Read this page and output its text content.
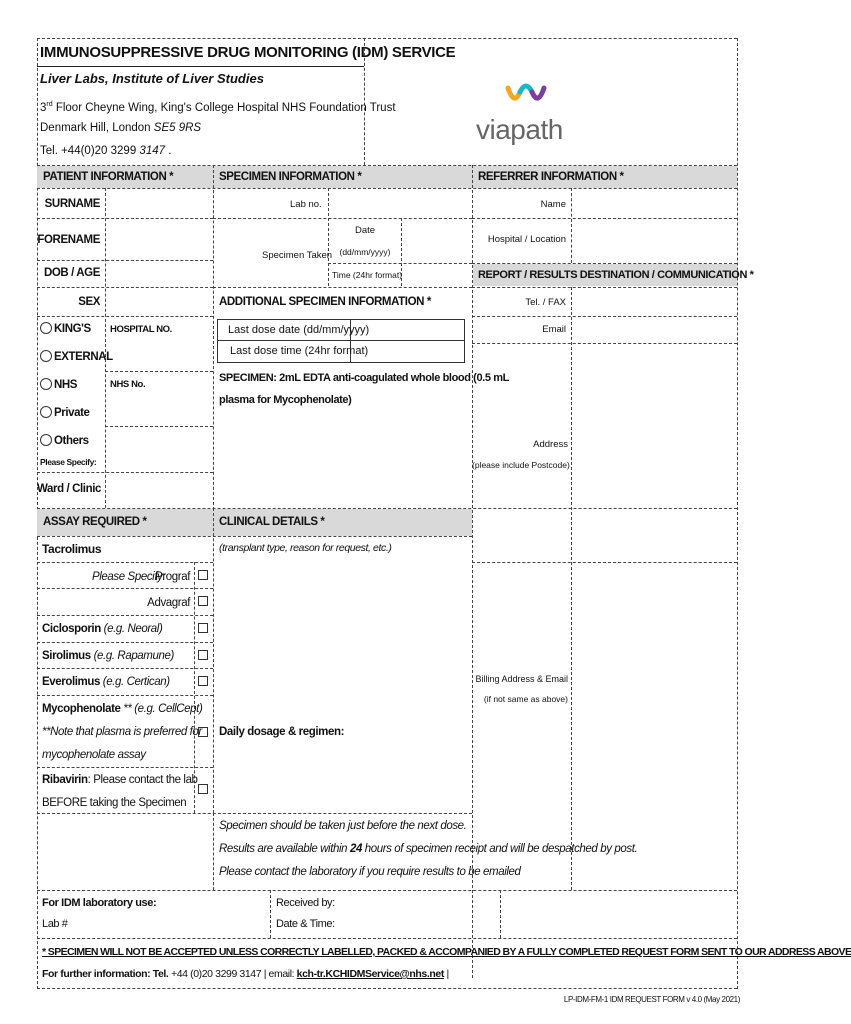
IMMUNOSUPPRESSIVE DRUG MONITORING (IDM) SERVICE
Liver Labs, Institute of Liver Studies
3rd Floor Cheyne Wing, King's College Hospital NHS Foundation Trust
Denmark Hill, London SE5 9RS
Tel. +44(0)20 3299 3147 .
viapath
PATIENT INFORMATION *	SPECIMEN INFORMATION *	REFERRER INFORMATION *
SURNAME
FORENAME
DOB / AGE
SEX
KING'S
EXTERNAL
NHS
Private
Others
Please Specify:
HOSPITAL NO.
NHS No.
Ward / Clinic
Lab no.
Specimen Taken
Date
(dd/mm/yyyy)
Time (24hr format)
ADDITIONAL SPECIMEN INFORMATION *
Last dose date (dd/mm/yyyy)
Last dose time (24hr format)
SPECIMEN: 2mL EDTA anti-coagulated whole blood (0.5 mL
plasma for Mycophenolate)
Name
Hospital / Location
REPORT / RESULTS DESTINATION / COMMUNICATION *
Tel. / FAX
Email
Address
(please include Postcode)
Billing Address & Email
(if not same as above)
ASSAY REQUIRED *	CLINICAL DETAILS *
Tacrolimus
Please Specify:
Prograf
Advagraf
Ciclosporin (e.g. Neoral)
Sirolimus (e.g. Rapamune)
Everolimus (e.g. Certican)
Mycophenolate ** (e.g. CellCept)
**Note that plasma is preferred for
mycophenolate assay
Ribavirin: Please contact the lab
BEFORE taking the Specimen
(transplant type, reason for request, etc.)
Daily dosage & regimen:
Specimen should be taken just before the next dose.
Results are available within 24 hours of specimen receipt and will be despatched by post.
Please contact the laboratory if you require results to be emailed
For IDM laboratory use:
Lab #
Received by:
Date & Time:
* SPECIMEN WILL NOT BE ACCEPTED UNLESS CORRECTLY LABELLED, PACKED & ACCOMPANIED BY A FULLY COMPLETED REQUEST FORM SENT TO OUR ADDRESS ABOVE
For further information: Tel. +44 (0)20 3299 3147 | email: kch-tr.KCHIDMService@nhs.net |
LP-IDM-FM-1 IDM REQUEST FORM v 4.0 (May 2021)
